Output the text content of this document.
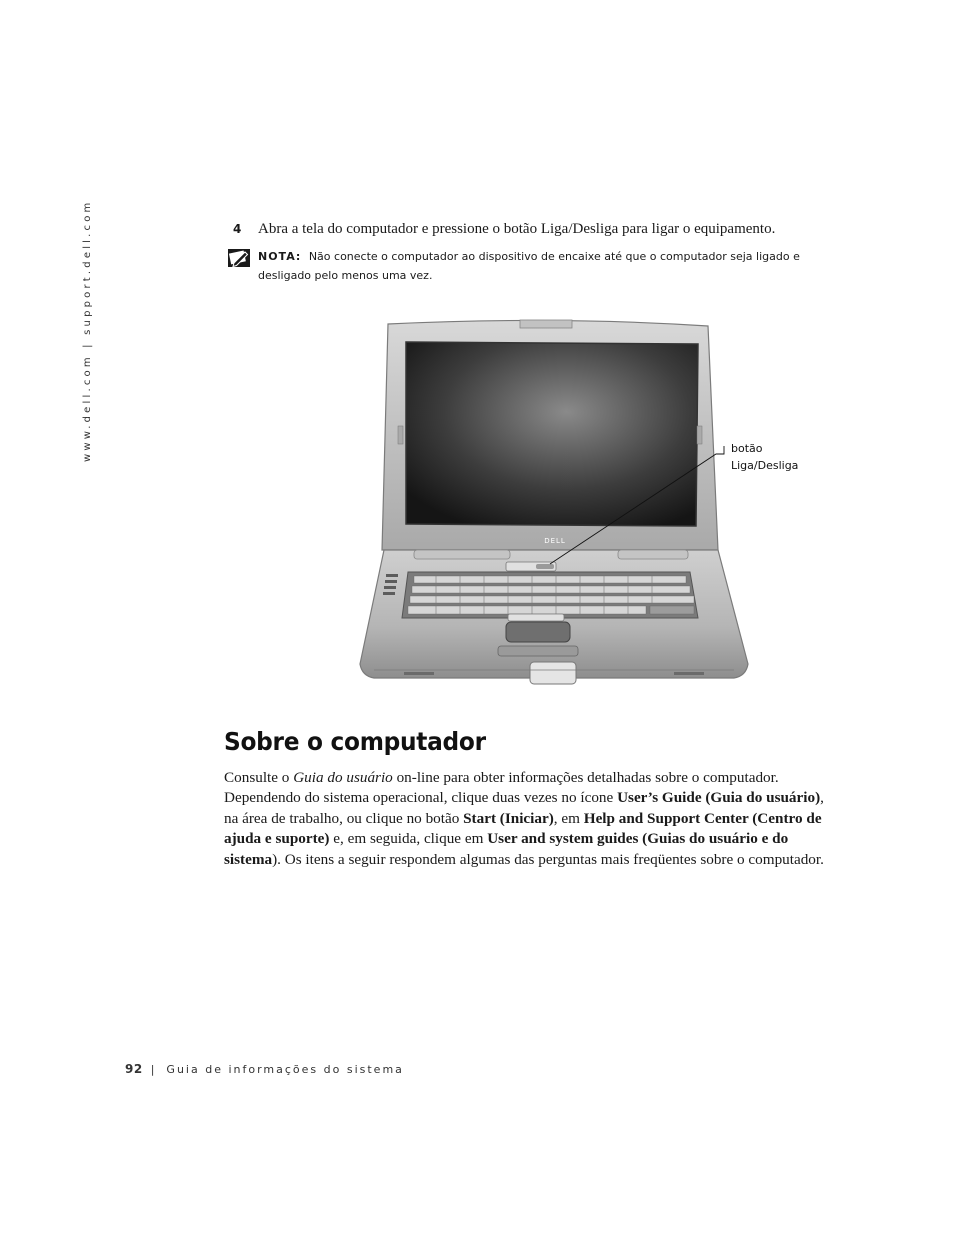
www.dell.com | support.dell.com	4 Abra a tela do computador e pressione o botão Liga/Desliga para ligar o equipamento.
NOTA: Não conecte o computador ao dispositivo de encaixe até que o computador seja ligado e desligado pelo menos uma vez.
DELL
botão
Liga/Desliga
Sobre o computador

Consulte o Guia do usuário on-line para obter informações detalhadas sobre o computador. Dependendo do sistema operacional, clique duas vezes no ícone User’s Guide (Guia do usuário), na área de trabalho, ou clique no botão Start (Iniciar), em Help and Support Center (Centro de ajuda e suporte) e, em seguida, clique em User and system guides (Guias do usuário e do sistema). Os itens a seguir respondem algumas das perguntas mais freqüentes sobre o computador.

92 | Guia de informações do sistema
